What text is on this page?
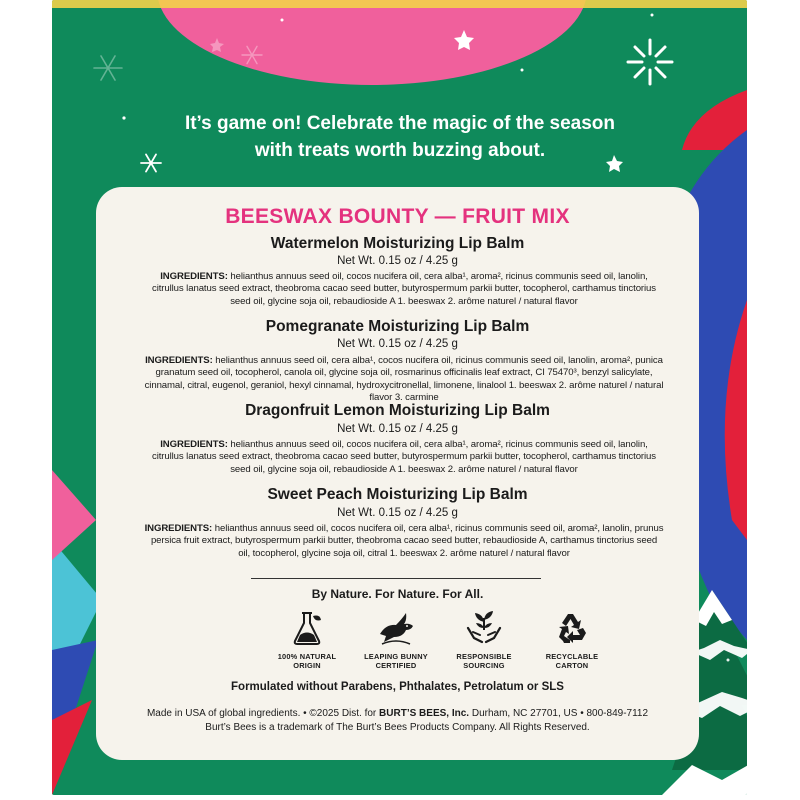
It’s game on! Celebrate the magic of the season
with treats worth buzzing about.
BEESWAX BOUNTY — FRUIT MIX
Watermelon Moisturizing Lip Balm
Net Wt. 0.15 oz / 4.25 g
INGREDIENTS: helianthus annuus seed oil, cocos nucifera oil, cera alba¹, aroma², ricinus communis seed oil, lanolin, citrullus lanatus seed extract, theobroma cacao seed butter, butyrospermum parkii butter, tocopherol, carthamus tinctorius seed oil, glycine soja oil, rebaudioside A 1. beeswax 2. arôme naturel / natural flavor
Pomegranate Moisturizing Lip Balm
Net Wt. 0.15 oz / 4.25 g
INGREDIENTS: helianthus annuus seed oil, cera alba¹, cocos nucifera oil, ricinus communis seed oil, lanolin, aroma², punica granatum seed oil, tocopherol, canola oil, glycine soja oil, rosmarinus officinalis leaf extract, CI 75470³, benzyl salicylate, cinnamal, citral, eugenol, geraniol, hexyl cinnamal, hydroxycitronellal, limonene, linalool 1. beeswax 2. arôme naturel / natural flavor 3. carmine
Dragonfruit Lemon Moisturizing Lip Balm
Net Wt. 0.15 oz / 4.25 g
INGREDIENTS: helianthus annuus seed oil, cocos nucifera oil, cera alba¹, aroma², ricinus communis seed oil, lanolin, citrullus lanatus seed extract, theobroma cacao seed butter, butyrospermum parkii butter, tocopherol, carthamus tinctorius seed oil, glycine soja oil, rebaudioside A 1. beeswax 2. arôme naturel / natural flavor
Sweet Peach Moisturizing Lip Balm
Net Wt. 0.15 oz / 4.25 g
INGREDIENTS: helianthus annuus seed oil, cocos nucifera oil, cera alba¹, ricinus communis seed oil, aroma², lanolin, prunus persica fruit extract, butyrospermum parkii butter, theobroma cacao seed butter, rebaudioside A, carthamus tinctorius seed oil, tocopherol, glycine soja oil, citral 1. beeswax 2. arôme naturel / natural flavor
By Nature. For Nature. For All.
100% NATURAL
ORIGIN
LEAPING BUNNY
CERTIFIED
RESPONSIBLE
SOURCING
RECYCLABLE
CARTON
Formulated without Parabens, Phthalates, Petrolatum or SLS
Made in USA of global ingredients. • ©2025 Dist. for BURT’S BEES, Inc. Durham, NC 27701, US • 800-849-7112
Burt’s Bees is a trademark of The Burt’s Bees Products Company. All Rights Reserved.
